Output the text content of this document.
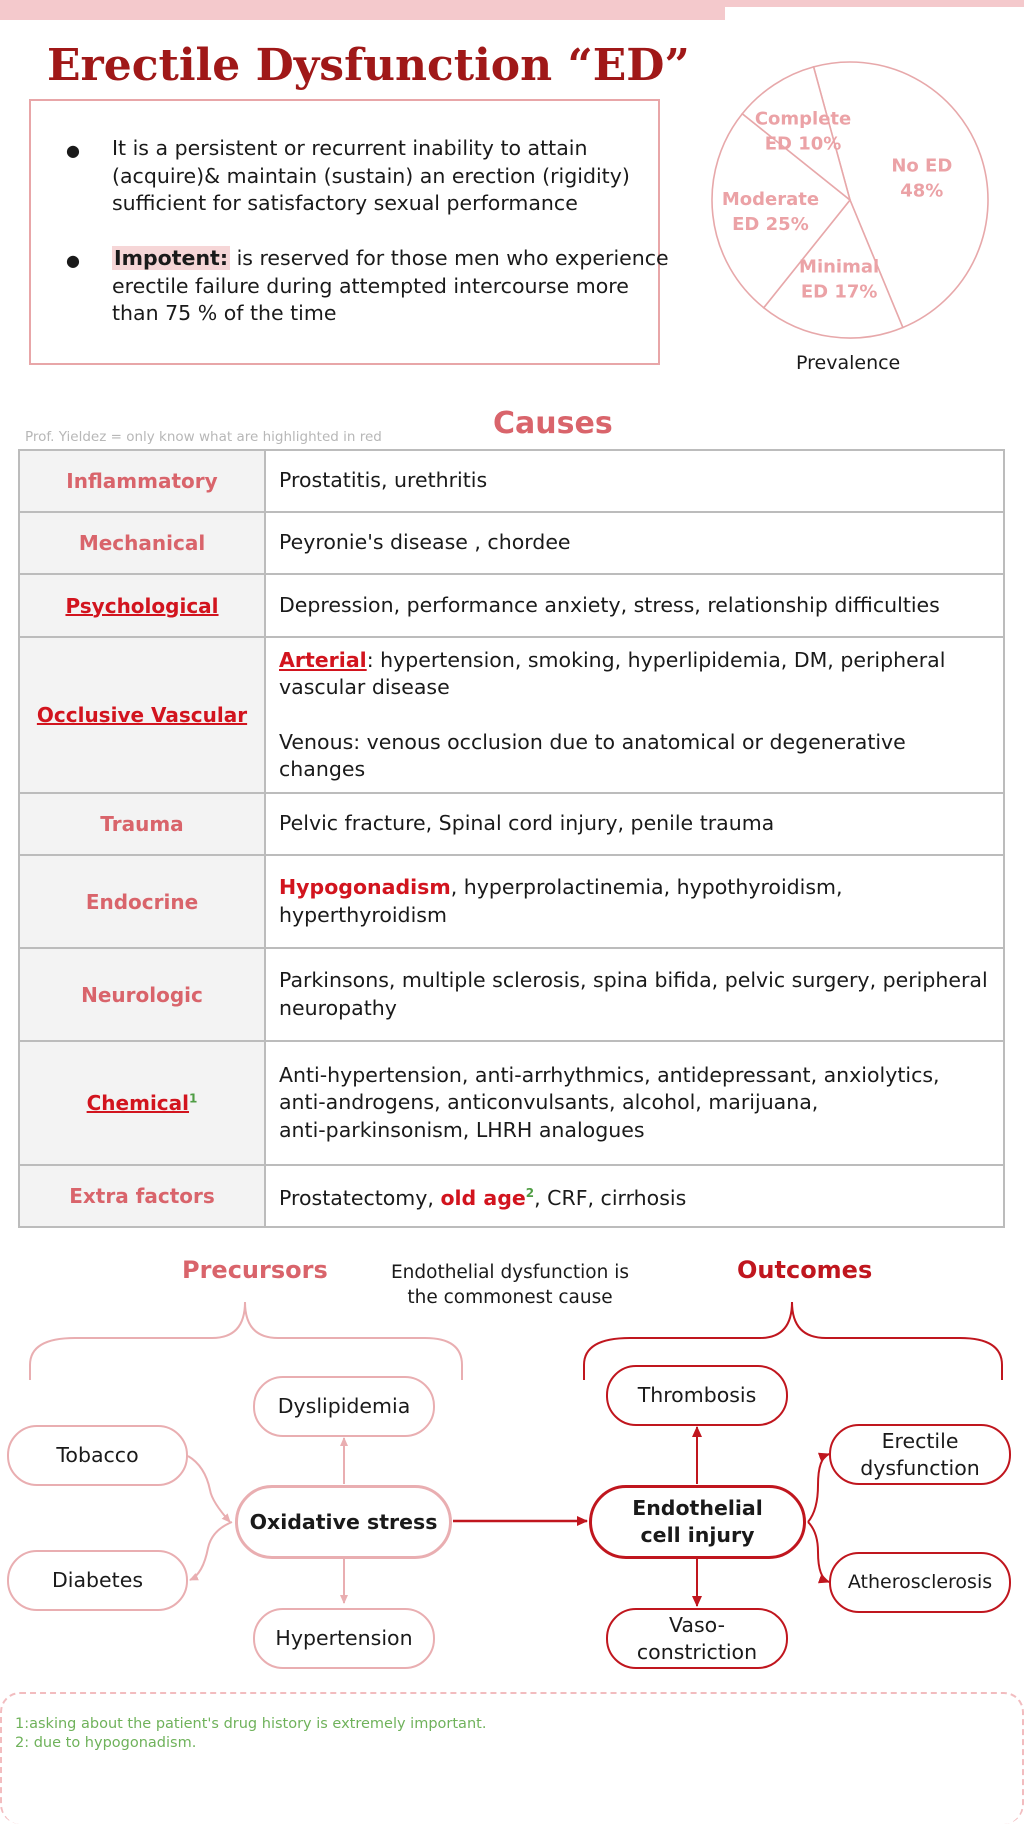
Erectile Dysfunction “ED”
● It is a persistent or recurrent inability to attain (acquire)& maintain (sustain) an erection (rigidity) sufficient for satisfactory sexual performance

● Impotent: is reserved for those men who experience erectile failure during attempted intercourse more than 75 % of the time

No ED
48%
Minimal
ED 17%
Moderate
ED 25%
Complete
ED 10%
Prevalence
Prof. Yieldez = only know what are highlighted in red	Causes
Inflammatory	Prostatitis, urethritis
Mechanical	Peyronie's disease , chordee
Psychological	Depression, performance anxiety, stress, relationship difficulties
Occlusive Vascular	Arterial: hypertension, smoking, hyperlipidemia, DM, peripheral vascular disease
Venous: venous occlusion due to anatomical or degenerative changes

Trauma	Pelvic fracture, Spinal cord injury, penile trauma
Endocrine	Hypogonadism, hyperprolactinemia, hypothyroidism, hyperthyroidism
Neurologic	Parkinsons, multiple sclerosis, spina bifida, pelvic surgery, peripheral neuropathy
Chemical$^1$	Anti-hypertension, anti-arrhythmics, antidepressant, anxiolytics,
anti-androgens, anticonvulsants, alcohol, marijuana,
anti-parkinsonism, LHRH analogues

Extra factors	Prostatectomy, old age$^2$, CRF, cirrhosis
Precursors	Endothelial dysfunction is the commonest cause
Outcomes
Tobacco
Diabetes
Dyslipidemia
Hypertension
Oxidative stress
Endothelial cell injury
Thrombosis
Vaso-constriction
Erectile dysfunction
Atherosclerosis
1:asking about the patient's drug history is extremely important.
2: due to hypogonadism.
